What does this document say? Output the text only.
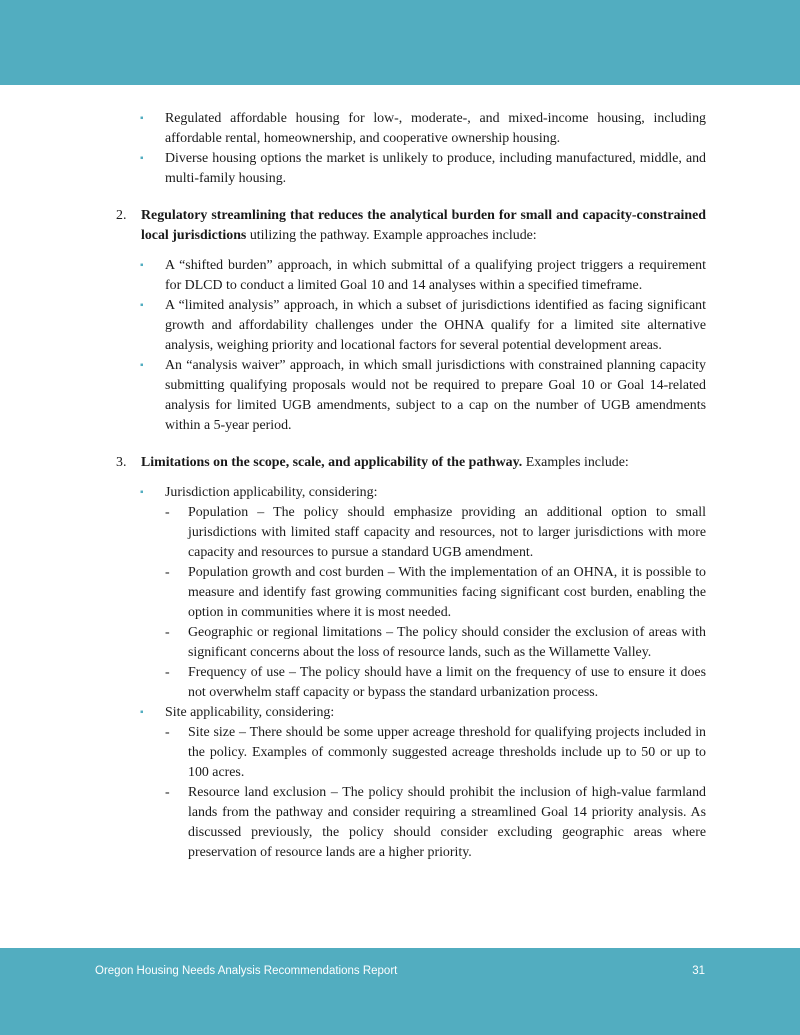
▪ Regulated affordable housing for low-, moderate-, and mixed-income housing, including affordable rental, homeownership, and cooperative ownership housing.
▪ Diverse housing options the market is unlikely to produce, including manufactured, middle, and multi-family housing.
2. Regulatory streamlining that reduces the analytical burden for small and capacity-constrained local jurisdictions utilizing the pathway. Example approaches include:
▪ A “shifted burden” approach, in which submittal of a qualifying project triggers a requirement for DLCD to conduct a limited Goal 10 and 14 analyses within a specified timeframe.
▪ A “limited analysis” approach, in which a subset of jurisdictions identified as facing significant growth and affordability challenges under the OHNA qualify for a limited site alternative analysis, weighing priority and locational factors for several potential development areas.
▪ An “analysis waiver” approach, in which small jurisdictions with constrained planning capacity submitting qualifying proposals would not be required to prepare Goal 10 or Goal 14-related analysis for limited UGB amendments, subject to a cap on the number of UGB amendments within a 5-year period.
3. Limitations on the scope, scale, and applicability of the pathway. Examples include:
▪ Jurisdiction applicability, considering:
- Population – The policy should emphasize providing an additional option to small jurisdictions with limited staff capacity and resources, not to larger jurisdictions with more capacity and resources to pursue a standard UGB amendment.
- Population growth and cost burden – With the implementation of an OHNA, it is possible to measure and identify fast growing communities facing significant cost burden, enabling the option in communities where it is most needed.
- Geographic or regional limitations – The policy should consider the exclusion of areas with significant concerns about the loss of resource lands, such as the Willamette Valley.
- Frequency of use – The policy should have a limit on the frequency of use to ensure it does not overwhelm staff capacity or bypass the standard urbanization process.
▪ Site applicability, considering:
- Site size – There should be some upper acreage threshold for qualifying projects included in the policy. Examples of commonly suggested acreage thresholds include up to 50 or up to 100 acres.
- Resource land exclusion – The policy should prohibit the inclusion of high-value farmland lands from the pathway and consider requiring a streamlined Goal 14 priority analysis. As discussed previously, the policy should consider excluding geographic areas where preservation of resource lands are a higher priority.
Oregon Housing Needs Analysis Recommendations Report	31
